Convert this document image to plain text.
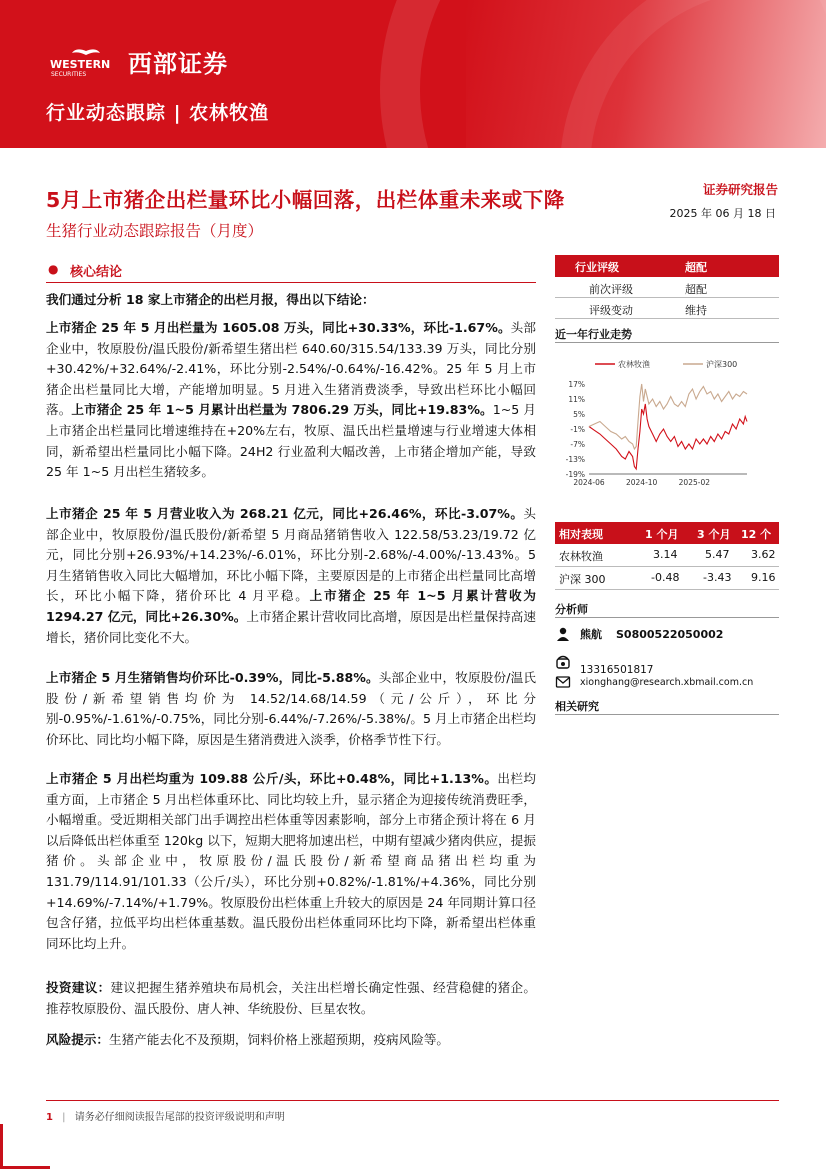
WESTERN
SECURITIES 西部证券
行业动态跟踪 | 农林牧渔
5月上市猪企出栏量环比小幅回落，出栏体重未来或下降
生猪行业动态跟踪报告（月度）
证券研究报告
2025 年 06 月 18 日
● 核心结论
我们通过分析 18 家上市猪企的出栏月报，得出以下结论：
上市猪企 25 年 5 月出栏量为 1605.08 万头，同比+30.33%，环比-1.67%。头部企业中，牧原股份/温氏股份/新希望生猪出栏 640.60/315.54/133.39 万头，同比分别+30.42%/+32.64%/-2.41%，环比分别-2.54%/-0.64%/-16.42%。25 年 5 月上市猪企出栏量同比大增，产能增加明显。5 月进入生猪消费淡季，导致出栏环比小幅回落。上市猪企 25 年 1~5 月累计出栏量为 7806.29 万头，同比+19.83%。1~5 月上市猪企出栏量同比增速维持在+20%左右，牧原、温氏出栏量增速与行业增速大体相同，新希望出栏量同比小幅下降。24H2 行业盈利大幅改善，上市猪企增加产能，导致 25 年 1~5 月出栏生猪较多。
上市猪企 25 年 5 月营业收入为 268.21 亿元，同比+26.46%，环比-3.07%。头部企业中，牧原股份/温氏股份/新希望 5 月商品猪销售收入 122.58/53.23/19.72 亿元，同比分别+26.93%/+14.23%/-6.01%，环比分别-2.68%/-4.00%/-13.43%。5 月生猪销售收入同比大幅增加，环比小幅下降，主要原因是的上市猪企出栏量同比高增长，环比小幅下降，猪价环比 4 月平稳。上市猪企 25 年 1~5 月累计营收为 1294.27 亿元，同比+26.30%。上市猪企累计营收同比高增，原因是出栏量保持高速增长，猪价同比变化不大。
上市猪企 5 月生猪销售均价环比-0.39%，同比-5.88%。头部企业中，牧原股份/温氏股份/新希望销售均价为 14.52/14.68/14.59（元/公斤），环比分别-0.95%/-1.61%/-0.75%，同比分别-6.44%/-7.26%/-5.38%/。5 月上市猪企出栏均价环比、同比均小幅下降，原因是生猪消费进入淡季，价格季节性下行。
上市猪企 5 月出栏均重为 109.88 公斤/头，环比+0.48%，同比+1.13%。出栏均重方面，上市猪企 5 月出栏体重环比、同比均较上升，显示猪企为迎接传统消费旺季，小幅增重。受近期相关部门出手调控出栏体重等因素影响，部分上市猪企预计将在 6 月以后降低出栏体重至 120kg 以下，短期大肥将加速出栏，中期有望减少猪肉供应，提振猪价。头部企业中，牧原股份/温氏股份/新希望商品猪出栏均重为 131.79/114.91/101.33（公斤/头），环比分别+0.82%/-1.81%/+4.36%，同比分别+14.69%/-7.14%/+1.79%。牧原股份出栏体重上升较大的原因是 24 年同期计算口径包含仔猪，拉低平均出栏体重基数。温氏股份出栏体重同环比均下降，新希望出栏体重同环比均上升。
投资建议：建议把握生猪养殖块布局机会，关注出栏增长确定性强、经营稳健的猪企。推荐牧原股份、温氏股份、唐人神、华统股份、巨星农牧。
风险提示：生猪产能去化不及预期，饲料价格上涨超预期，疫病风险等。
行业评级	超配
前次评级	超配
评级变动	维持
近一年行业走势
农林牧渔	沪深300
17%
11%
5%
-1%
-7%
-13%
-19%
2024-06	2024-10	2025-02
相对表现	1 个月 3 个月 12 个月
农林牧渔	3.14	5.47 3.62
沪深 300	-0.48 -3.43 9.16
分析师
熊航 S0800522050002
13316501817
xionghang@research.xbmail.com.cn
相关研究
1 | 请务必仔细阅读报告尾部的投资评级说明和声明
